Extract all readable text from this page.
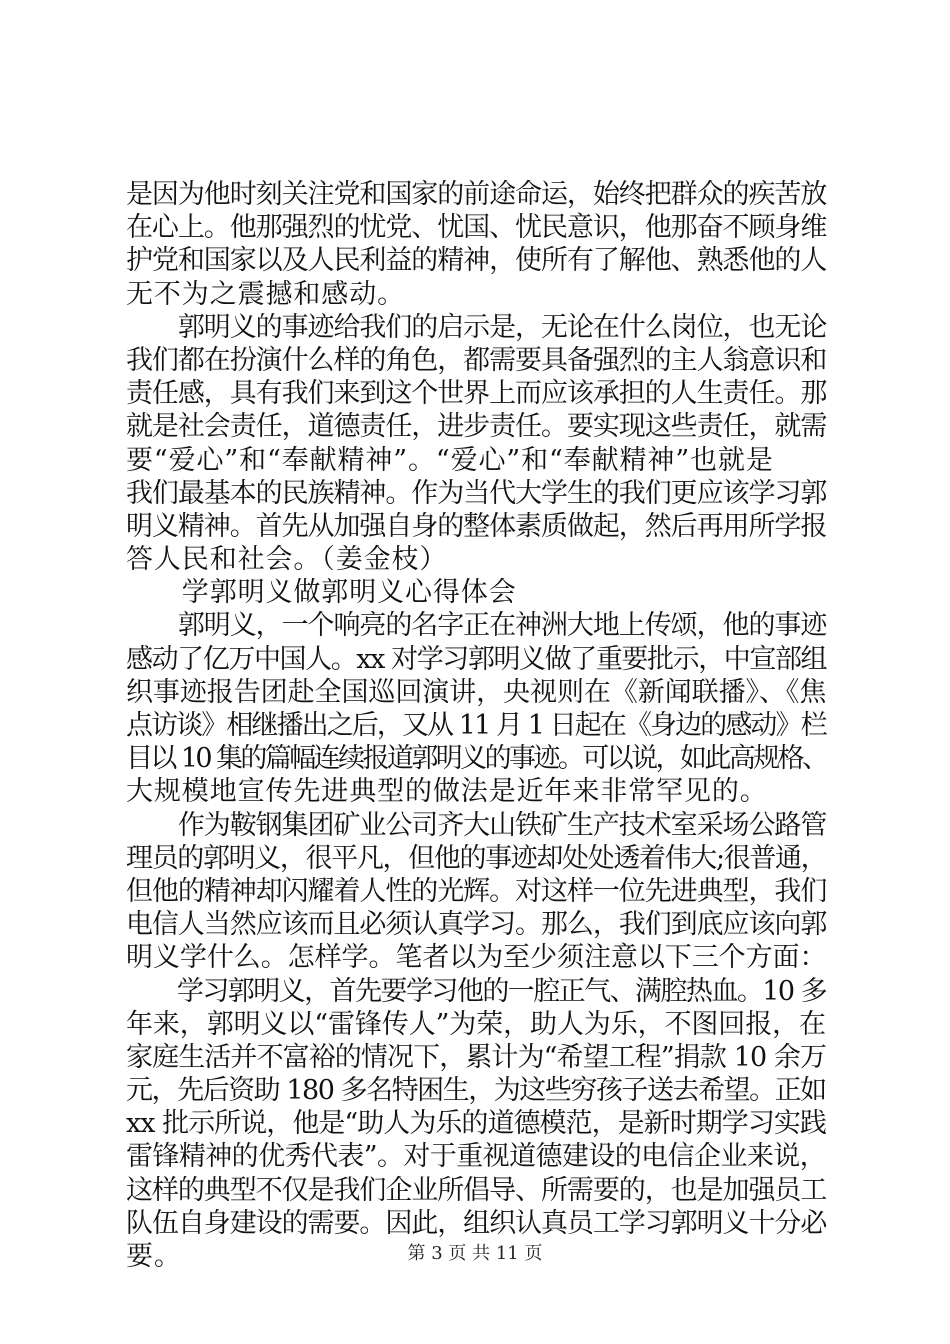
是因为他时刻关注党和国家的前途命运，始终把群众的疾苦放
在心上。他那强烈的忧党、忧国、忧民意识，他那奋不顾身维
护党和国家以及人民利益的精神，使所有了解他、熟悉他的人
无不为之震撼和感动。
　　郭明义的事迹给我们的启示是，无论在什么岗位，也无论
我们都在扮演什么样的角色，都需要具备强烈的主人翁意识和
责任感，具有我们来到这个世界上而应该承担的人生责任。那
就是社会责任，道德责任，进步责任。要实现这些责任，就需
要“爱心”和“奉献精神”。“爱心”和“奉献精神”也就是
我们最基本的民族精神。作为当代大学生的我们更应该学习郭
明义精神。首先从加强自身的整体素质做起，然后再用所学报
答人民和社会。（姜金枝）
　　学郭明义做郭明义心得体会
　　郭明义，一个响亮的名字正在神洲大地上传颂，他的事迹
感动了亿万中国人。xx 对学习郭明义做了重要批示，中宣部组
织事迹报告团赴全国巡回演讲，央视则在《新闻联播》、《焦
点访谈》相继播出之后，又从 11 月 1 日起在《身边的感动》栏
目以 10 集的篇幅连续报道郭明义的事迹。可以说，如此高规格、
大规模地宣传先进典型的做法是近年来非常罕见的。
　　作为鞍钢集团矿业公司齐大山铁矿生产技术室采场公路管
理员的郭明义，很平凡，但他的事迹却处处透着伟大;很普通，
但他的精神却闪耀着人性的光辉。对这样一位先进典型，我们
电信人当然应该而且必须认真学习。那么，我们到底应该向郭
明义学什么。怎样学。笔者以为至少须注意以下三个方面：
　　学习郭明义，首先要学习他的一腔正气、满腔热血。10 多
年来，郭明义以“雷锋传人”为荣，助人为乐，不图回报，在
家庭生活并不富裕的情况下，累计为“希望工程”捐款 10 余万
元，先后资助 180 多名特困生，为这些穷孩子送去希望。正如
xx 批示所说，他是“助人为乐的道德模范，是新时期学习实践
雷锋精神的优秀代表”。对于重视道德建设的电信企业来说，
这样的典型不仅是我们企业所倡导、所需要的，也是加强员工
队伍自身建设的需要。因此，组织认真员工学习郭明义十分必
要。	第 3 页 共 11 页
